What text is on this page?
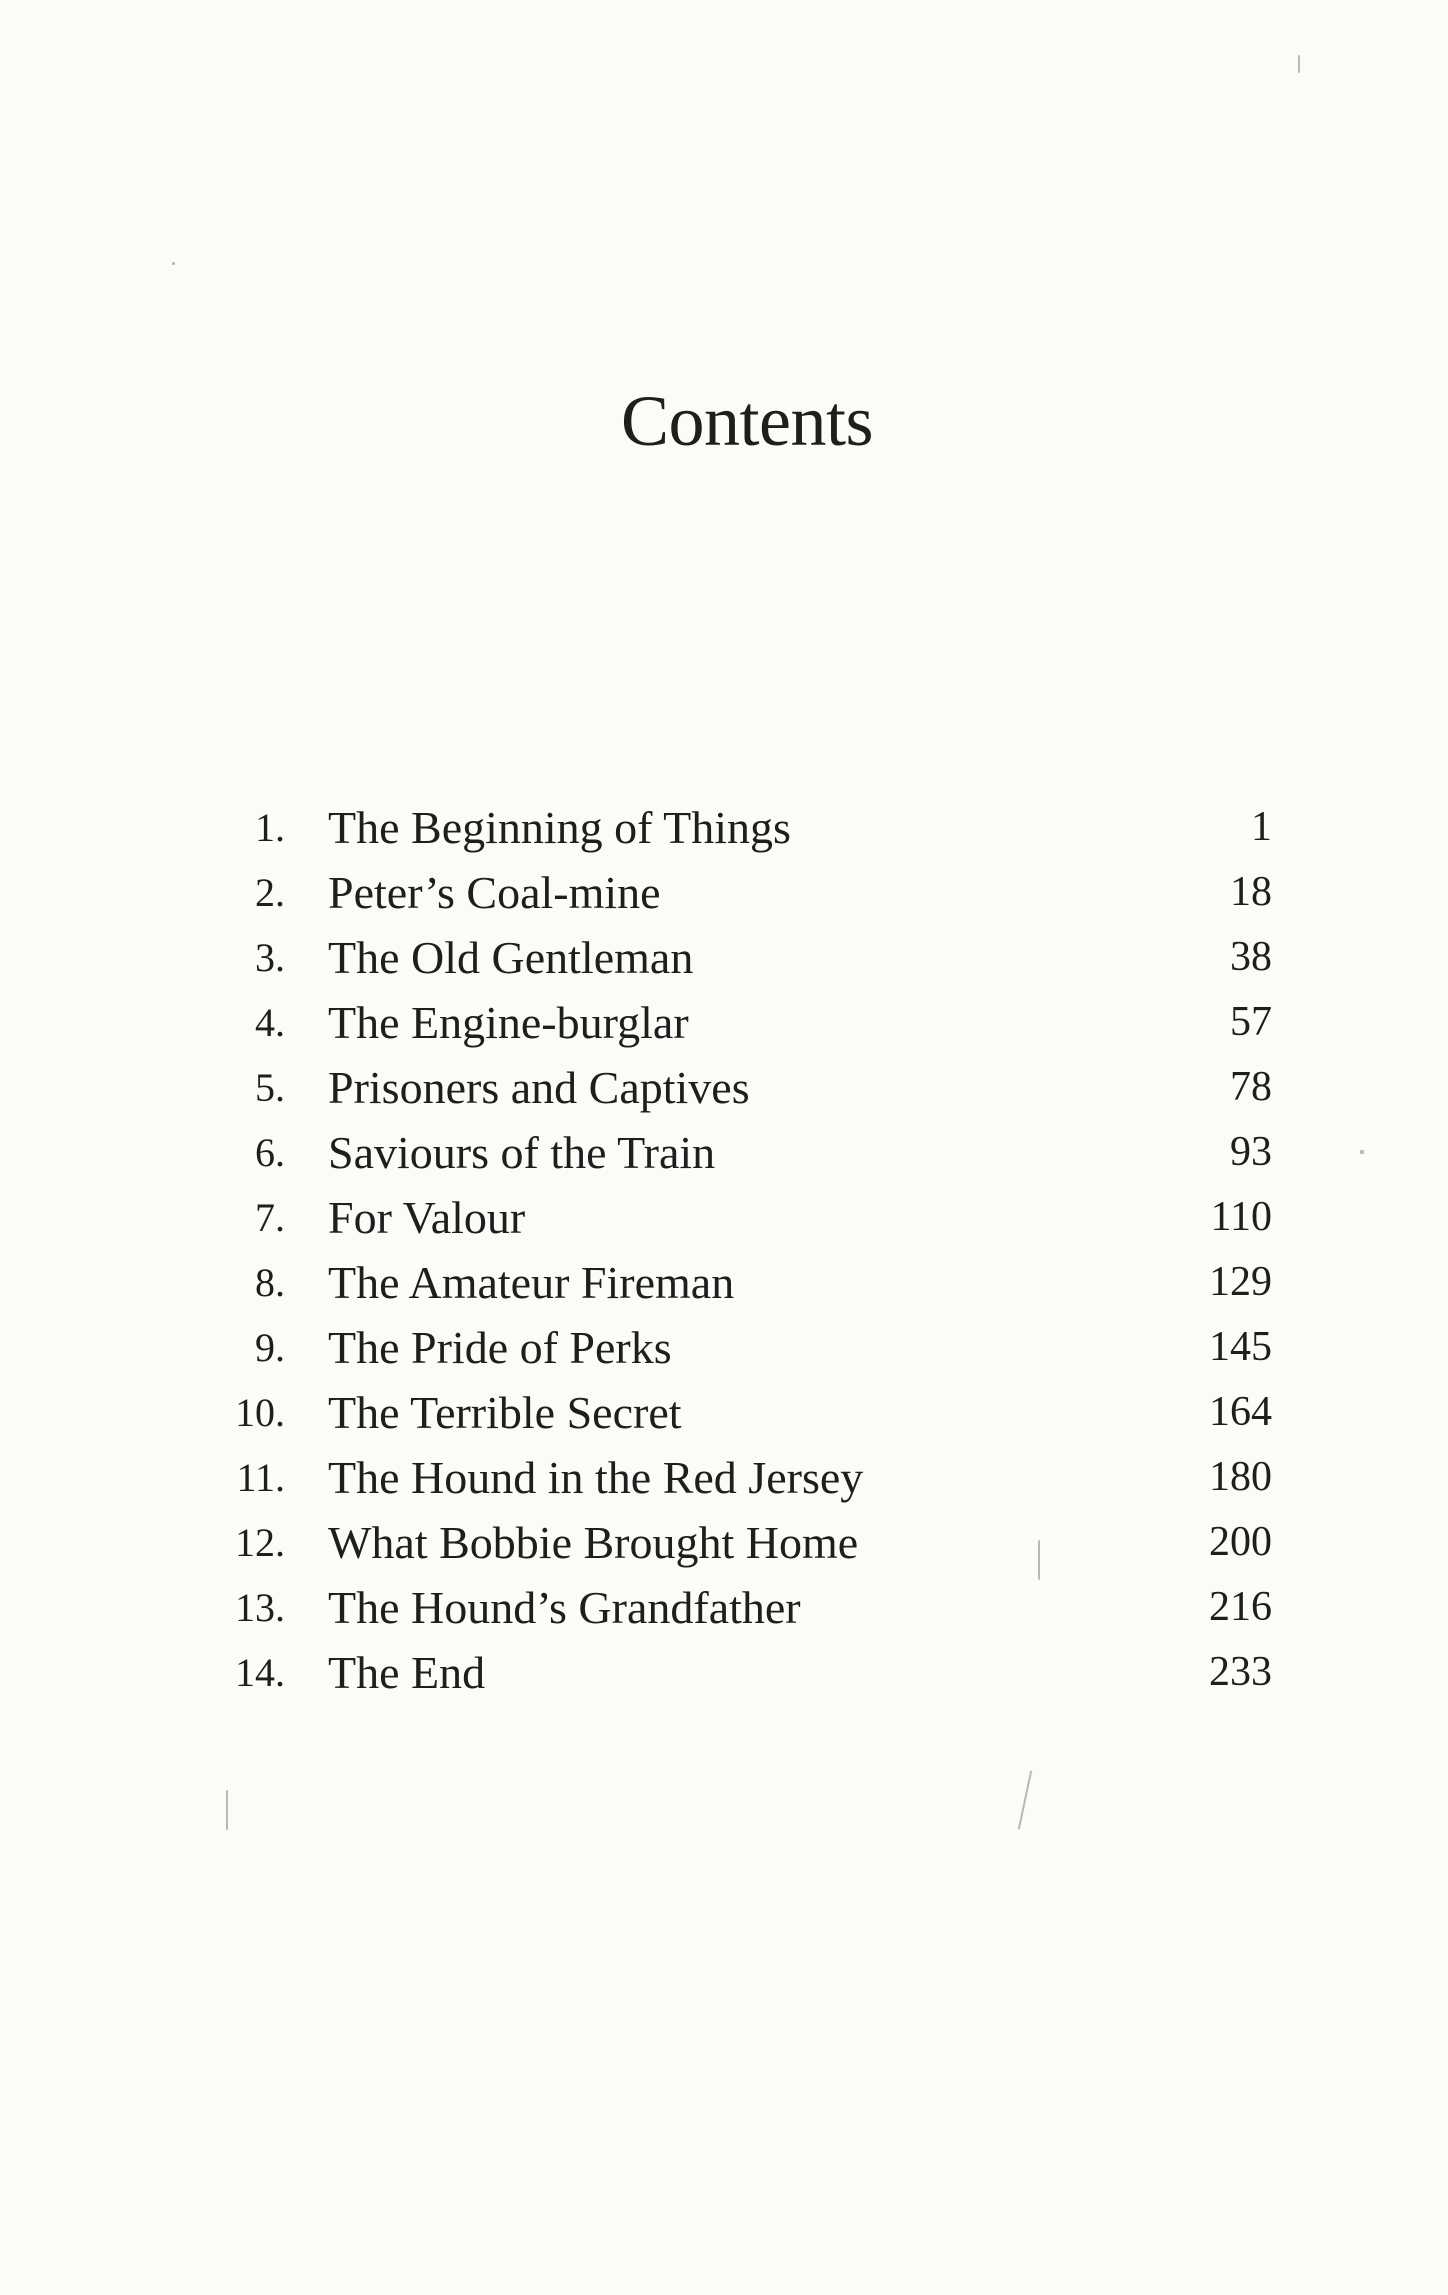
Contents
1. The Beginning of Things	1
2. Peter’s Coal-mine	18
3. The Old Gentleman	38
4. The Engine-burglar	57
5. Prisoners and Captives	78
6. Saviours of the Train	93
7. For Valour	110
8. The Amateur Fireman	129
9. The Pride of Perks	145
10. The Terrible Secret	164
11. The Hound in the Red Jersey	180
12. What Bobbie Brought Home	200
13. The Hound’s Grandfather	216
14. The End	233
